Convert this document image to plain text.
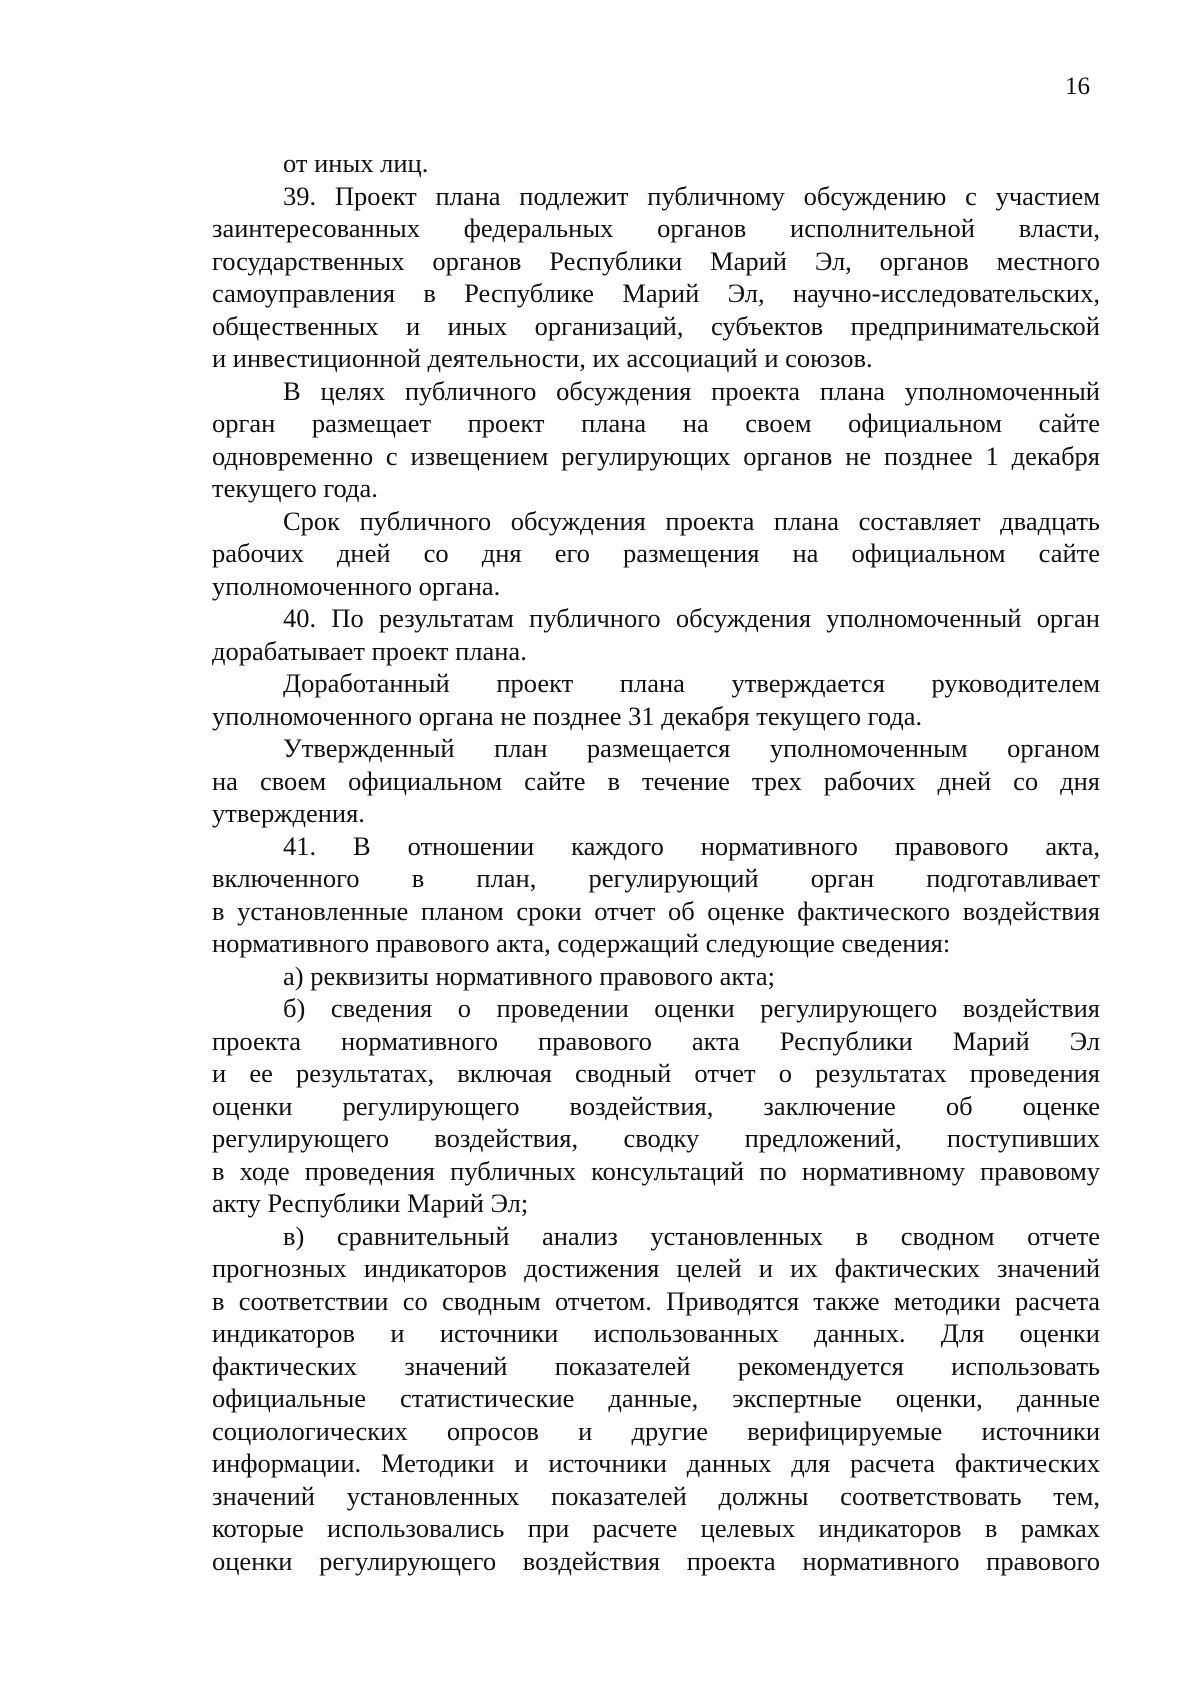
16
от иных лиц.
39. Проект плана подлежит публичному обсуждению с участием
заинтересованных федеральных органов исполнительной власти,
государственных органов Республики Марий Эл, органов местного
самоуправления в Республике Марий Эл, научно-исследовательских,
общественных и иных организаций, субъектов предпринимательской
и инвестиционной деятельности, их ассоциаций и союзов.
В целях публичного обсуждения проекта плана уполномоченный
орган размещает проект плана на своем официальном сайте
одновременно с извещением регулирующих органов не позднее 1 декабря
текущего года.
Срок публичного обсуждения проекта плана составляет двадцать
рабочих дней со дня его размещения на официальном сайте
уполномоченного органа.
40. По результатам публичного обсуждения уполномоченный орган
дорабатывает проект плана.
Доработанный проект плана утверждается руководителем
уполномоченного органа не позднее 31 декабря текущего года.
Утвержденный план размещается уполномоченным органом
на своем официальном сайте в течение трех рабочих дней со дня
утверждения.
41. В отношении каждого нормативного правового акта,
включенного в план, регулирующий орган подготавливает
в установленные планом сроки отчет об оценке фактического воздействия
нормативного правового акта, содержащий следующие сведения:
а) реквизиты нормативного правового акта;
б) сведения о проведении оценки регулирующего воздействия
проекта нормативного правового акта Республики Марий Эл
и ее результатах, включая сводный отчет о результатах проведения
оценки регулирующего воздействия, заключение об оценке
регулирующего воздействия, сводку предложений, поступивших
в ходе проведения публичных консультаций по нормативному правовому
акту Республики Марий Эл;
в) сравнительный анализ установленных в сводном отчете
прогнозных индикаторов достижения целей и их фактических значений
в соответствии со сводным отчетом. Приводятся также методики расчета
индикаторов и источники использованных данных. Для оценки
фактических значений показателей рекомендуется использовать
официальные статистические данные, экспертные оценки, данные
социологических опросов и другие верифицируемые источники
информации. Методики и источники данных для расчета фактических
значений установленных показателей должны соответствовать тем,
которые использовались при расчете целевых индикаторов в рамках
оценки регулирующего воздействия проекта нормативного правового
